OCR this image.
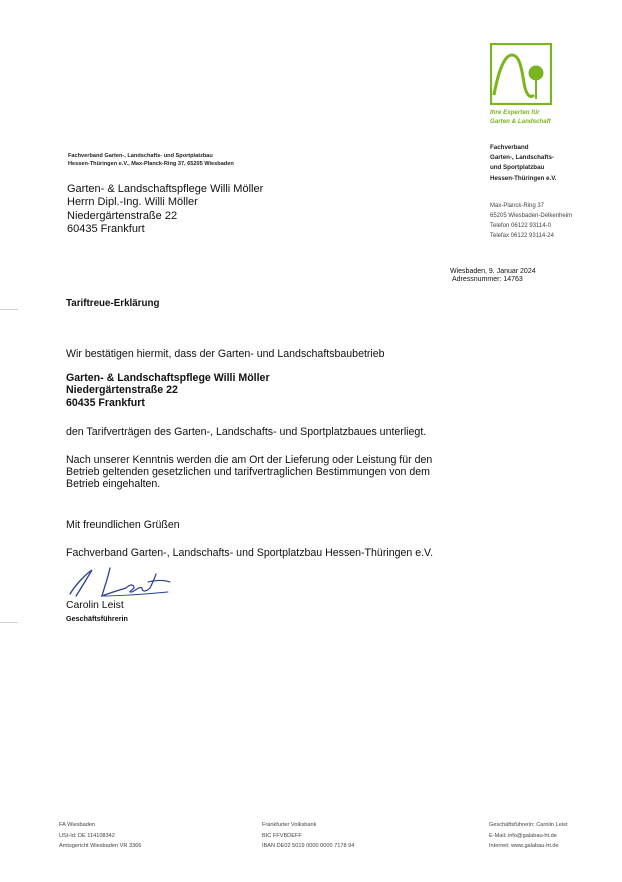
Ihre Experten für
Garten & Landschaft
Fachverband
Garten-, Landschafts-
und Sportplatzbau
Hessen-Thüringen e.V.
Max-Planck-Ring 37
65205 Wiesbaden-Delkenheim
Telefon 06122 93114-0
Telefax 06122 93114-24
Fachverband Garten-, Landschafts- und Sportplatzbau
Hessen-Thüringen e.V., Max-Planck-Ring 37, 65205 Wiesbaden
Garten- & Landschaftspflege Willi Möller
Herrn Dipl.-Ing. Willi Möller
Niedergärtenstraße 22
60435 Frankfurt
Wiesbaden, 9. Januar 2024
Adressnummer: 14763
Tariftreue-Erklärung
Wir bestätigen hiermit, dass der Garten- und Landschaftsbaubetrieb
Garten- & Landschaftspflege Willi Möller
Niedergärtenstraße 22
60435 Frankfurt
den Tarifverträgen des Garten-, Landschafts- und Sportplatzbaues unterliegt.
Nach unserer Kenntnis werden die am Ort der Lieferung oder Leistung für den
Betrieb geltenden gesetzlichen und tarifvertraglichen Bestimmungen von dem
Betrieb eingehalten.
Mit freundlichen Grüßen
Fachverband Garten-, Landschafts- und Sportplatzbau Hessen-Thüringen e.V.
Carolin Leist
Geschäftsführerin
FA Wiesbaden
USt-Id: DE 114108342
Amtsgericht Wiesbaden VR 3366
Frankfurter Volksbank
BIC FFVBDEFF
IBAN DE02 5019 0000 0000 7178 94
Geschäftsführerin: Carolin Leist
E-Mail: info@galabau-ht.de
Internet: www.galabau-ht.de
